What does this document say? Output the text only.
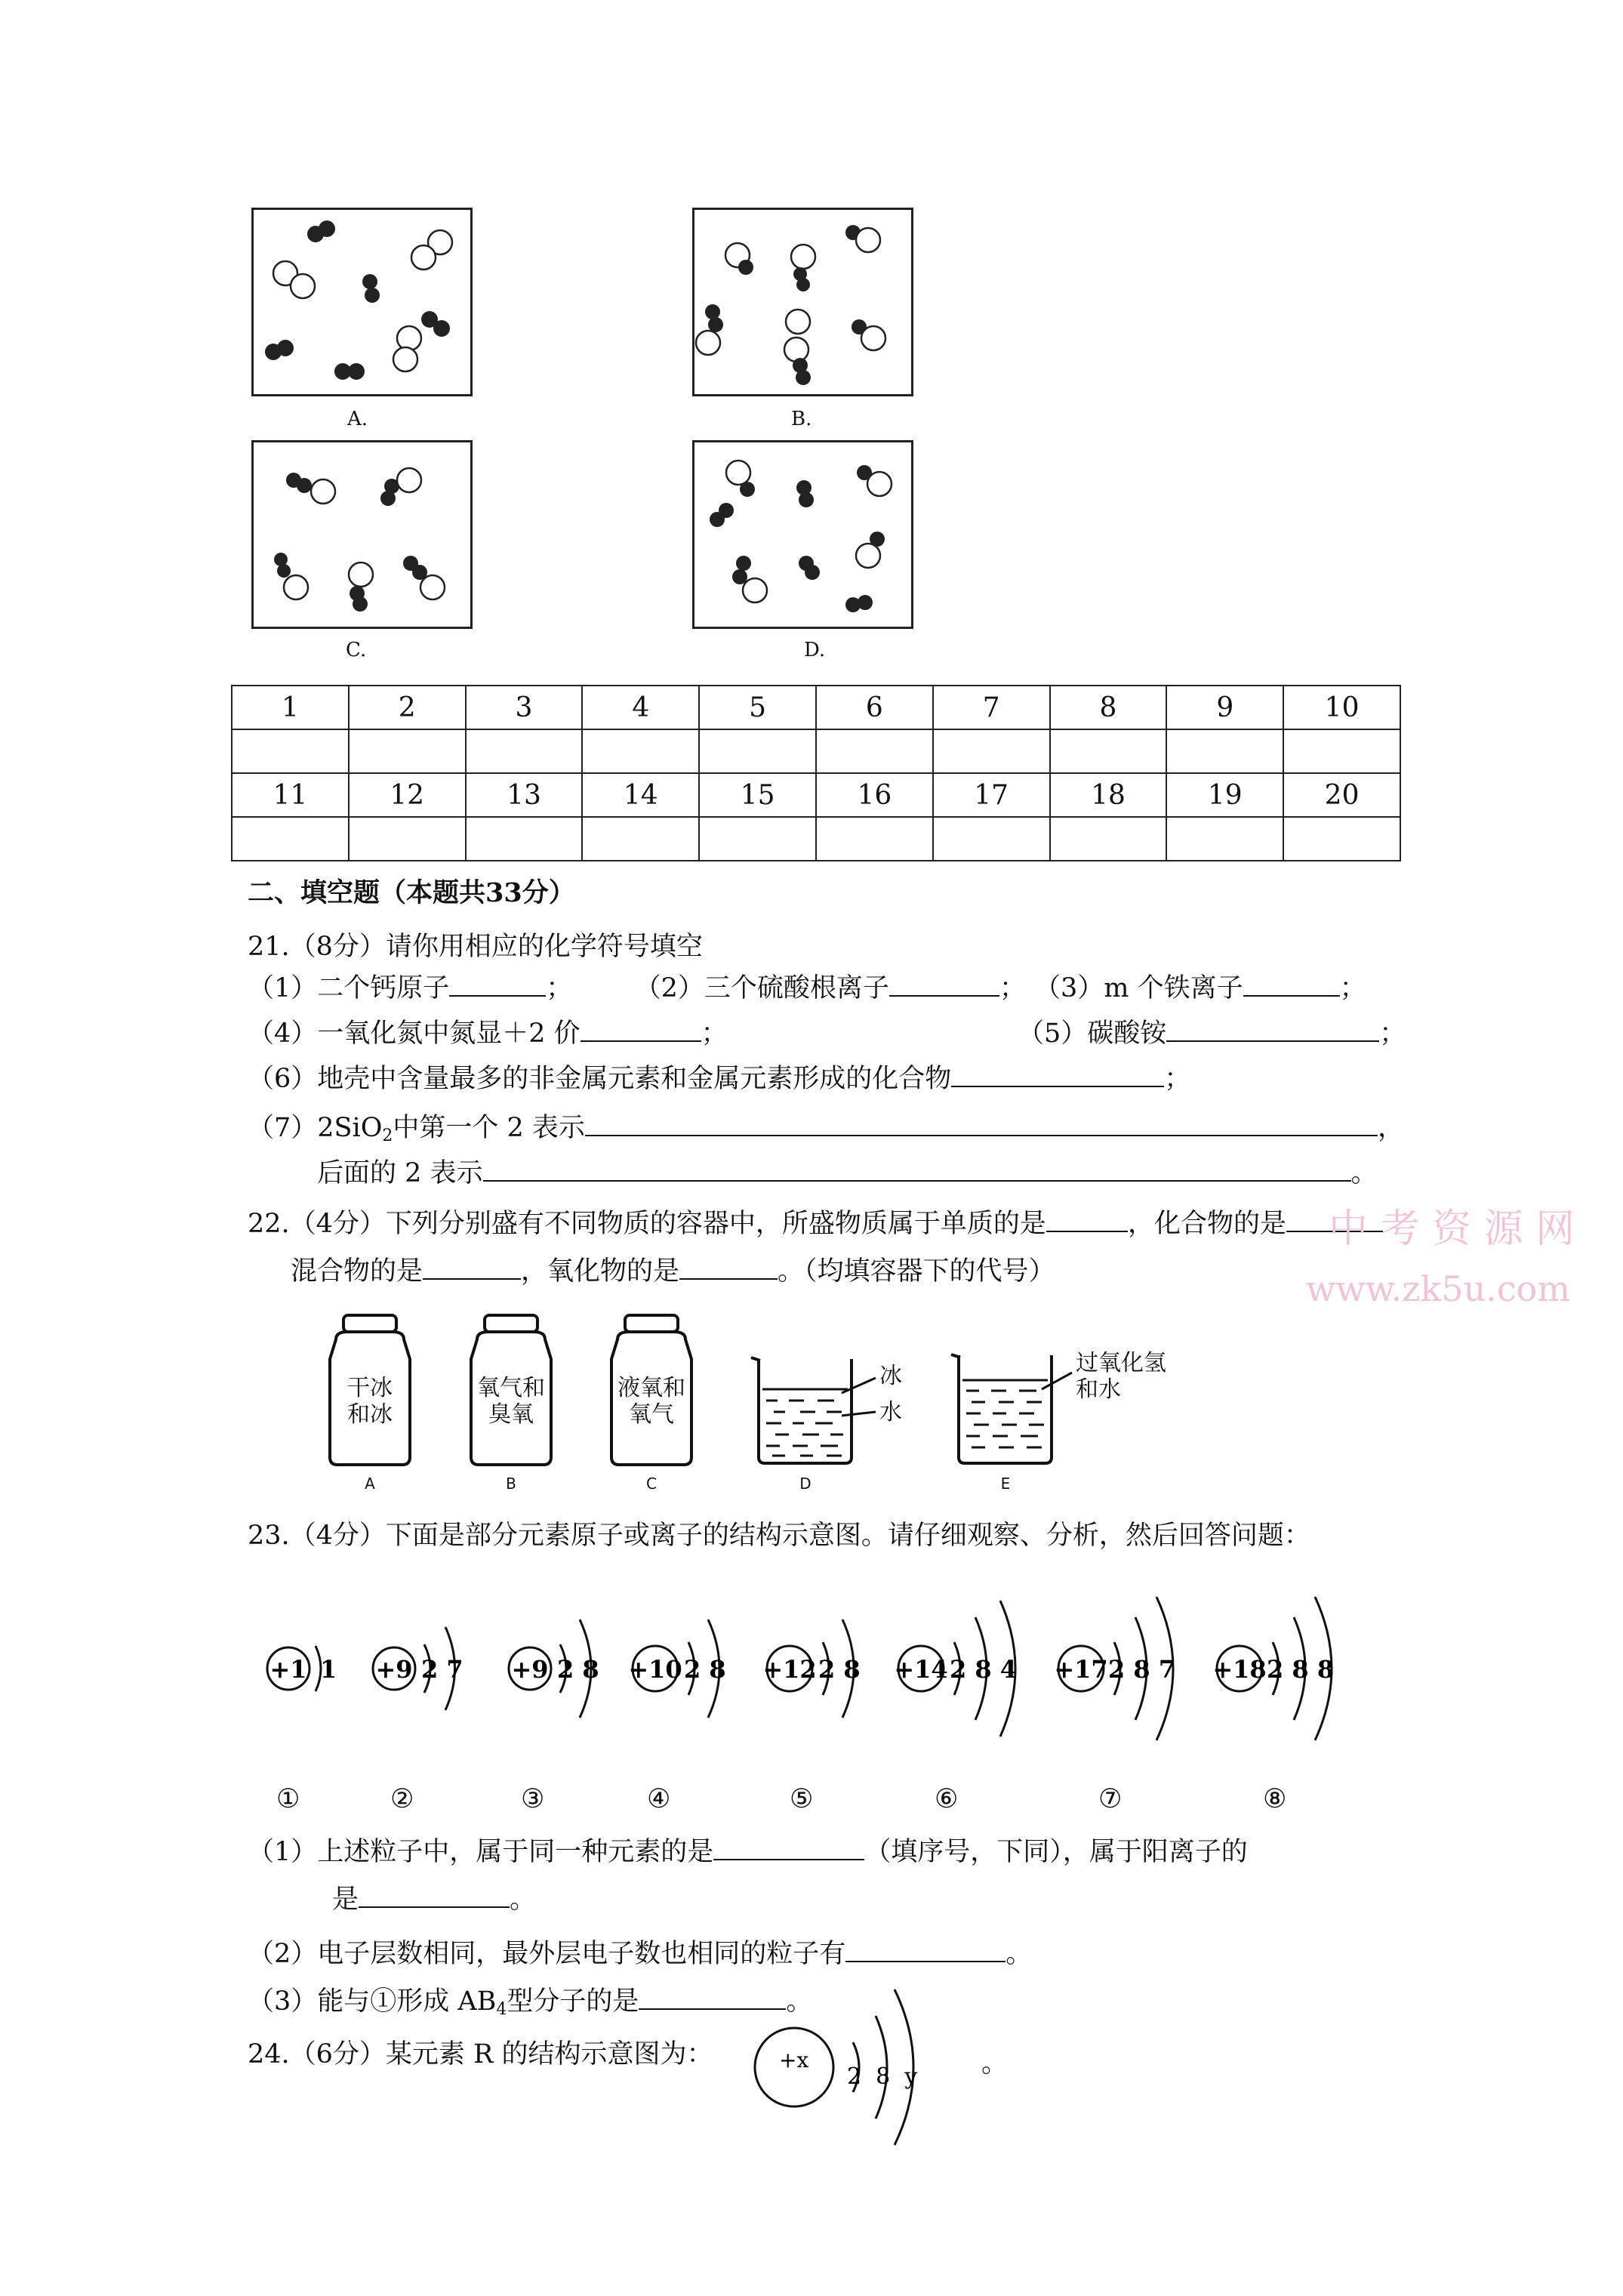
A.	B.
C.	D.
1	2	3	4	5	6	7	8	9	10

11	12	13	14	15	16	17	18	19	20

二、填空题（本题共33分）
21.（8分）请你用相应的化学符号填空
（1）二个钙原子	； （2）三个硫酸根离子	； （3）m 个铁离子	；
（4）一氧化氮中氮显＋2 价	；	（5）碳酸铵	；
（6）地壳中含量最多的非金属元素和金属元素形成的化合物	；
（7）2SiO$_2$中第一个 2 表示	，
后面的 2 表示	。
22.（4分）下列分别盛有不同物质的容器中，所盛物质属于单质的是	，化合物的是
混合物的是	，氧化物的是	。（均填容器下的代号）
干冰
和冰
A
氧气和
臭氧
B
液氧和
氧气
C
冰
水
D
过氧化氢
和水
E
23.（4分）下面是部分元素原子或离子的结构示意图。请仔细观察、分析，然后回答问题：
+1 1 +9 2 7 +9 2 8 +10 2 8 +12 2 8 +14 2 8 4 +17 2 8 7 +18 2 8 8
①	②	③	④	⑤	⑥	⑦	⑧
（1）上述粒子中，属于同一种元素的是	（填序号，下同），属于阳离子的
是	。
（2）电子层数相同，最外层电子数也相同的粒子有	。
（3）能与①形成 $AB_4$型分子的是	。
24.（6分）某元素 R 的结构示意图为：	+x
2  8  y 。
中 考 资 源 网
www.zk5u.com
